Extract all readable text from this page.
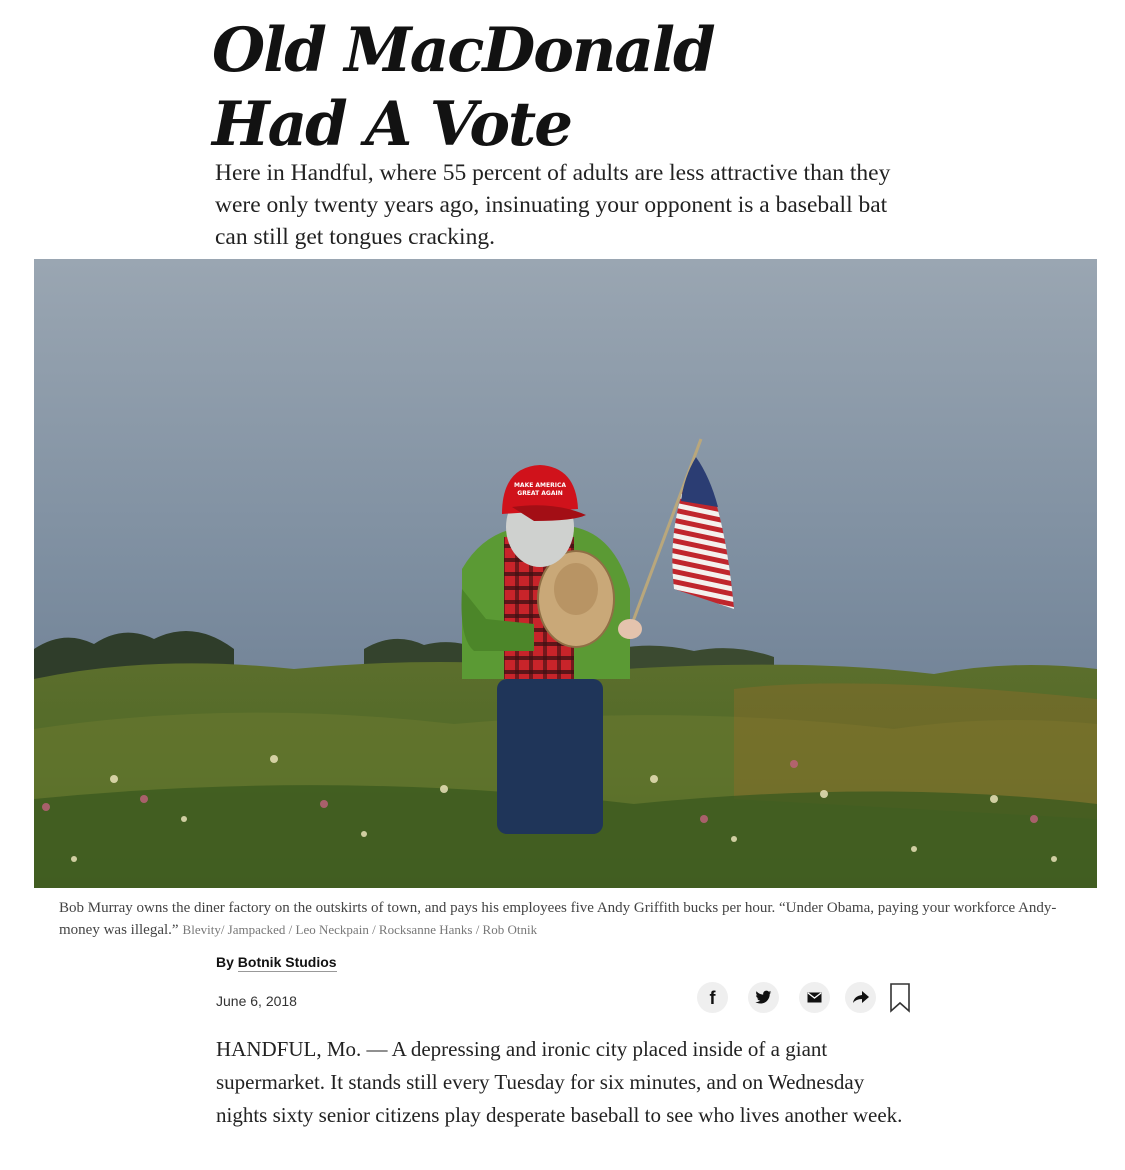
Old MacDonald
Had A Vote

Here in Handful, where 55 percent of adults are less attractive than they were only twenty years ago, insinuating your opponent is a baseball bat can still get tongues cracking.

MAKE AMERICA
GREAT AGAIN

Bob Murray owns the diner factory on the outskirts of town, and pays his employees five Andy Griffith bucks per hour. “Under Obama, paying your workforce Andy-money was illegal.” Blevity/ Jampacked / Leo Neckpain / Rocksanne Hanks / Rob Otnik

By Botnik Studios
June 6, 2018	f

HANDFUL, Mo. — A depressing and ironic city placed inside of a giant supermarket. It stands still every Tuesday for six minutes, and on Wednesday nights sixty senior citizens play desperate baseball to see who lives another week.
